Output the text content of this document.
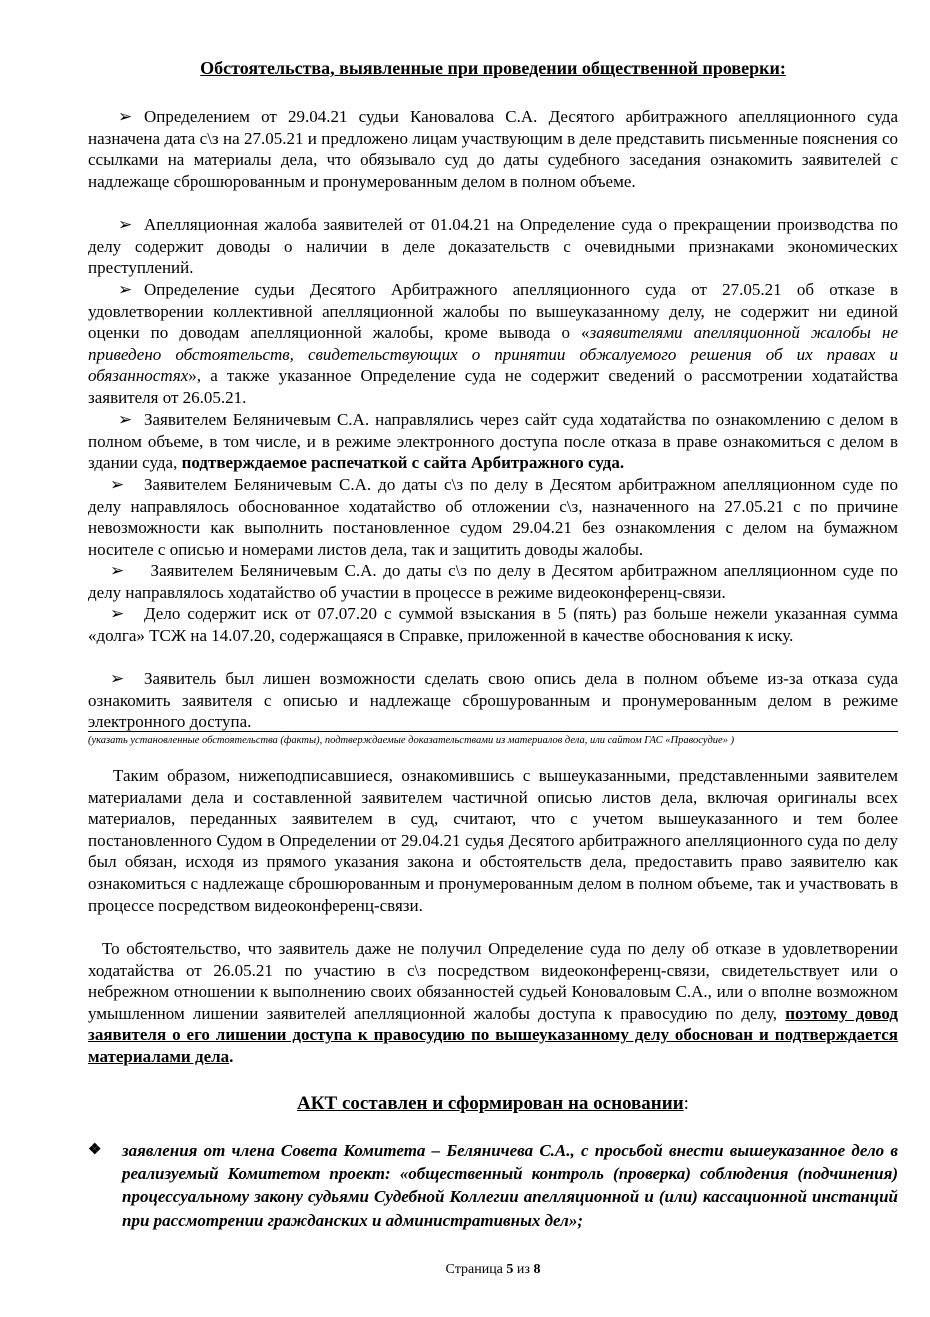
Обстоятельства, выявленные при проведении общественной проверки:
➢ Определением от 29.04.21 судьи Кановалова С.А. Десятого арбитражного апелляционного суда назначена дата с\з на 27.05.21 и предложено лицам участвующим в деле представить письменные пояснения со ссылками на материалы дела, что обязывало суд до даты судебного заседания ознакомить заявителей с надлежаще сброшюрованным и пронумерованным делом в полном объеме.
➢ Апелляционная жалоба заявителей от 01.04.21 на Определение суда о прекращении производства по делу содержит доводы о наличии в деле доказательств с очевидными признаками экономических преступлений.
➢ Определение судьи Десятого Арбитражного апелляционного суда от 27.05.21 об отказе в удовлетворении коллективной апелляционной жалобы по вышеуказанному делу, не содержит ни единой оценки по доводам апелляционной жалобы, кроме вывода о «заявителями апелляционной жалобы не приведено обстоятельств, свидетельствующих о принятии обжалуемого решения об их правах и обязанностях», а также указанное Определение суда не содержит сведений о рассмотрении ходатайства заявителя от 26.05.21.
➢ Заявителем Беляничевым С.А. направлялись через сайт суда ходатайства по ознакомлению с делом в полном объеме, в том числе, и в режиме электронного доступа после отказа в праве ознакомиться с делом в здании суда, подтверждаемое распечаткой с сайта Арбитражного суда.
➢ Заявителем Беляничевым С.А. до даты с\з по делу в Десятом арбитражном апелляционном суде по делу направлялось обоснованное ходатайство об отложении с\з, назначенного на 27.05.21 с по причине невозможности как выполнить постановленное судом 29.04.21 без ознакомления с делом на бумажном носителе с описью и номерами листов дела, так и защитить доводы жалобы.
➢ Заявителем Беляничевым С.А. до даты с\з по делу в Десятом арбитражном апелляционном суде по делу направлялось ходатайство об участии в процессе в режиме видеоконференц-связи.
➢ Дело содержит иск от 07.07.20 с суммой взыскания в 5 (пять) раз больше нежели указанная сумма «долга» ТСЖ на 14.07.20, содержащаяся в Справке, приложенной в качестве обоснования к иску.
➢ Заявитель был лишен возможности сделать свою опись дела в полном объеме из-за отказа суда ознакомить заявителя с описью и надлежаще сброшурованным и пронумерованным делом в режиме электронного доступа.
(указать установленные обстоятельства (факты), подтверждаемые доказательствами из материалов дела, или сайтом ГАС «Правосудие» )
Таким образом, нижеподписавшиеся, ознакомившись с вышеуказанными, представленными заявителем материалами дела и составленной заявителем частичной описью листов дела, включая оригиналы всех материалов, переданных заявителем в суд, считают, что с учетом вышеуказанного и тем более постановленного Судом в Определении от 29.04.21 судья Десятого арбитражного апелляционного суда по делу был обязан, исходя из прямого указания закона и обстоятельств дела, предоставить право заявителю как ознакомиться с надлежаще сброшюрованным и пронумерованным делом в полном объеме, так и участвовать в процессе посредством видеоконференц-связи.
То обстоятельство, что заявитель даже не получил Определение суда по делу об отказе в удовлетворении ходатайства от 26.05.21 по участию в с\з посредством видеоконференц-связи, свидетельствует или о небрежном отношении к выполнению своих обязанностей судьей Коноваловым С.А., или о вполне возможном умышленном лишении заявителей апелляционной жалобы доступа к правосудию по делу, поэтому довод заявителя о его лишении доступа к правосудию по вышеуказанному делу обоснован и подтверждается материалами дела.
АКТ составлен и сформирован на основании:
❖ заявления от члена Совета Комитета – Беляничева С.А., с просьбой внести вышеуказанное дело в реализуемый Комитетом проект: «общественный контроль (проверка) соблюдения (подчинения) процессуальному закону судьями Судебной Коллегии апелляционной и (или) кассационной инстанций при рассмотрении гражданских и административных дел»;
Страница 5 из 8
